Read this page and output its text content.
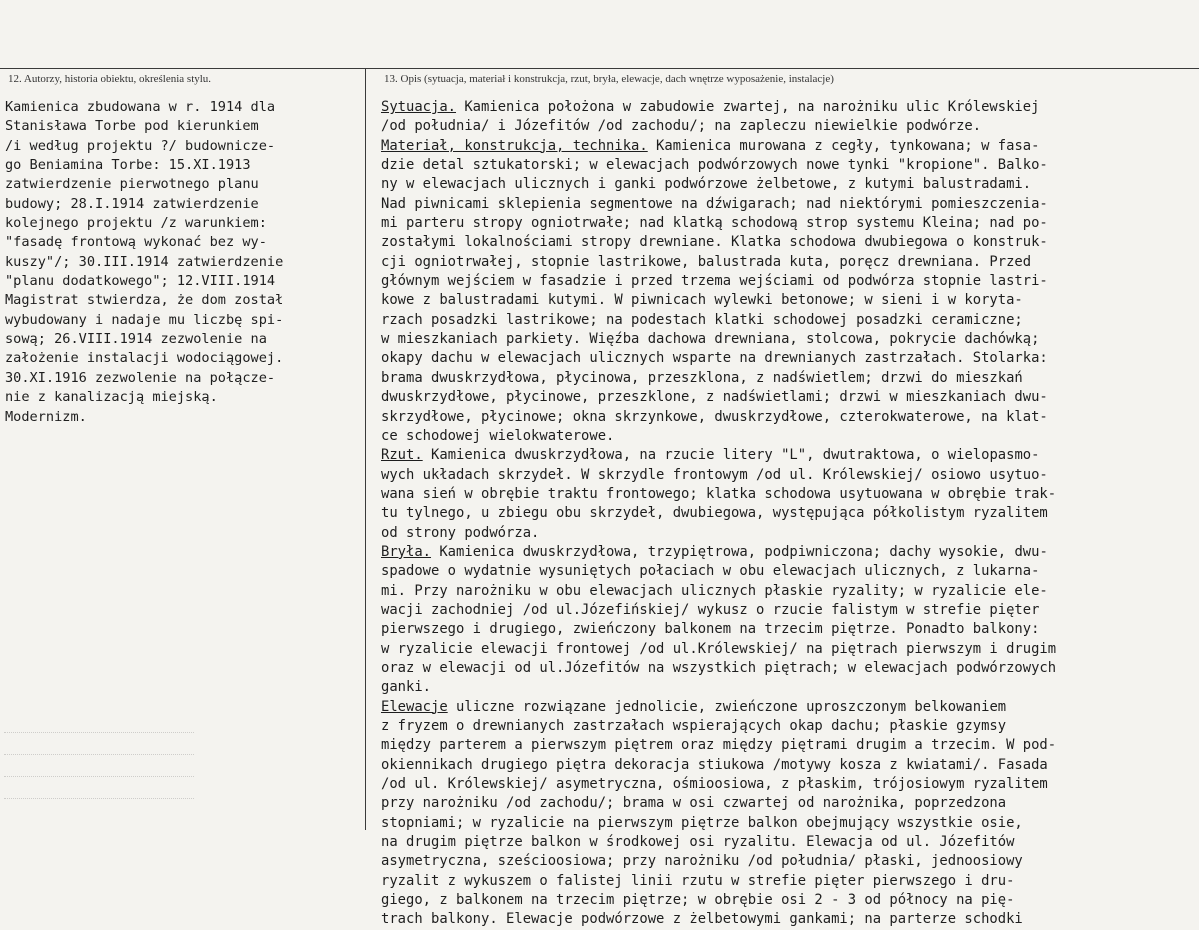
12. Autorzy, historia obiektu, określenia stylu.	13. Opis (sytuacja, materiał i konstrukcja, rzut, bryła, elewacje, dach wnętrze wyposażenie, instalacje)
Kamienica zbudowana w r. 1914 dla
Stanisława Torbe pod kierunkiem
/i według projektu ?/ budowniczе-
go Beniamina Torbe: 15.XI.1913
zatwierdzenie pierwotnego planu
budowy; 28.I.1914 zatwierdzenie
kolejnego projektu /z warunkiem:
"fasadę frontową wykonać bez wy-
kuszy"/; 30.III.1914 zatwierdzenie
"planu dodatkowego"; 12.VIII.1914
Magistrat stwierdza, że dom został
wybudowany i nadaje mu liczbę spi-
sową; 26.VIII.1914 zezwolenie na
założenie instalacji wodociągowej.
30.XI.1916 zezwolenie na połącze-
nie z kanalizacją miejską.
Modernizm.
Sytuacja. Kamienica położona w zabudowie zwartej, na narożniku ulic Królewskiej
/od południa/ i Józefitów /od zachodu/; na zapleczu niewielkie podwórze.
Materiał, konstrukcja, technika. Kamienica murowana z cegły, tynkowana; w fasa-
dzie detal sztukatorski; w elewacjach podwórzowych nowe tynki "kropione". Balko-
ny w elewacjach ulicznych i ganki podwórzowe żelbetowe, z kutymi balustradami.
Nad piwnicami sklepienia segmentowe na dźwigarach; nad niektórymi pomieszczenia-
mi parteru stropy ogniotrwałe; nad klatką schodową strop systemu Kleina; nad po-
zostałymi lokalnościami stropy drewniane. Klatka schodowa dwubiegowa o konstruk-
cji ogniotrwałej, stopnie lastrikowe, balustrada kuta, poręcz drewniana. Przed
głównym wejściem w fasadzie i przed trzema wejściami od podwórza stopnie lastri-
kowe z balustradami kutymi. W piwnicach wylewki betonowe; w sieni i w koryta-
rzach posadzki lastrikowe; na podestach klatki schodowej posadzki ceramiczne;
w mieszkaniach parkiety. Więźba dachowa drewniana, stolcowa, pokrycie dachówką;
okapy dachu w elewacjach ulicznych wsparte na drewnianych zastrzałach. Stolarka:
brama dwuskrzydłowa, płycinowa, przeszklona, z nadświetlem; drzwi do mieszkań
dwuskrzydłowe, płycinowe, przeszklone, z nadświetlami; drzwi w mieszkaniach dwu-
skrzydłowe, płycinowe; okna skrzynkowe, dwuskrzydłowe, czterokwaterowe, na klat-
ce schodowej wielokwaterowe.
Rzut. Kamienica dwuskrzydłowa, na rzucie litery "L", dwutraktowa, o wielopasmo-
wych układach skrzydeł. W skrzydle frontowym /od ul. Królewskiej/ osiowo usytuo-
wana sień w obrębie traktu frontowego; klatka schodowa usytuowana w obrębie trak-
tu tylnego, u zbiegu obu skrzydeł, dwubiegowa, występująca półkolistym ryzalitem
od strony podwórza.
Bryła. Kamienica dwuskrzydłowa, trzypiętrowa, podpiwniczona; dachy wysokie, dwu-
spadowe o wydatnie wysuniętych połaciach w obu elewacjach ulicznych, z lukarna-
mi. Przy narożniku w obu elewacjach ulicznych płaskie ryzality; w ryzalicie ele-
wacji zachodniej /od ul.Józefińskiej/ wykusz o rzucie falistym w strefie pięter
pierwszego i drugiego, zwieńczony balkonem na trzecim piętrze. Ponadto balkony:
w ryzalicie elewacji frontowej /od ul.Królewskiej/ na piętrach pierwszym i drugim
oraz w elewacji od ul.Józefitów na wszystkich piętrach; w elewacjach podwórzowych
ganki.
Elewacje uliczne rozwiązane jednolicie, zwieńczone uproszczonym belkowaniem
z fryzem o drewnianych zastrzałach wspierających okap dachu; płaskie gzymsy
między parterem a pierwszym piętrem oraz między piętrami drugim a trzecim. W pod-
okiennikach drugiego piętra dekoracja stiukowa /motywy kosza z kwiatami/. Fasada
/od ul. Królewskiej/ asymetryczna, ośmioosiowa, z płaskim, trójosiowym ryzalitem
przy narożniku /od zachodu/; brama w osi czwartej od narożnika, poprzedzona
stopniami; w ryzalicie na pierwszym piętrze balkon obejmujący wszystkie osie,
na drugim piętrze balkon w środkowej osi ryzalitu. Elewacja od ul. Józefitów
asymetryczna, sześcioosiowa; przy narożniku /od południa/ płaski, jednoosiowy
ryzalit z wykuszem o falistej linii rzutu w strefie pięter pierwszego i dru-
giego, z balkonem na trzecim piętrze; w obrębie osi 2 - 3 od północy na pię-
trach balkony. Elewacje podwórzowe z żelbetowymi gankami; na parterze schodki
